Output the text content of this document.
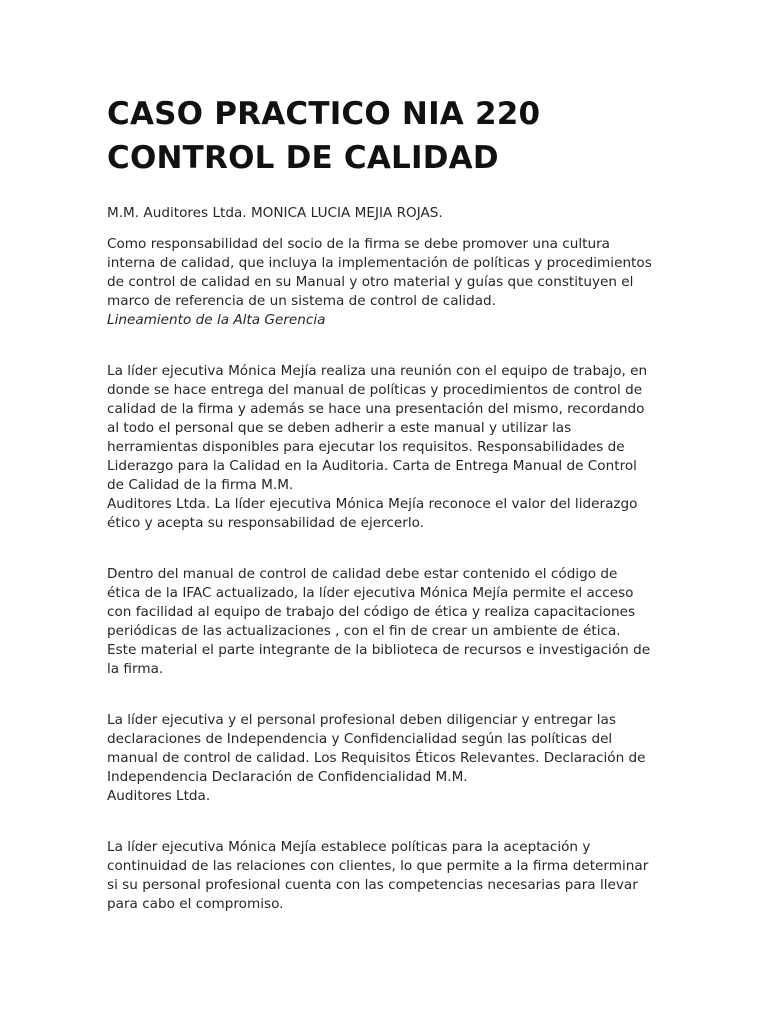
CASO PRACTICO NIA 220
CONTROL DE CALIDAD

M.M. Auditores Ltda. MONICA LUCIA MEJIA ROJAS.

Como responsabilidad del socio de la firma se debe promover una cultura
interna de calidad, que incluya la implementación de políticas y procedimientos
de control de calidad en su Manual y otro material y guías que constituyen el
marco de referencia de un sistema de control de calidad.
Lineamiento de la Alta Gerencia

La líder ejecutiva Mónica Mejía realiza una reunión con el equipo de trabajo, en
donde se hace entrega del manual de políticas y procedimientos de control de
calidad de la firma y además se hace una presentación del mismo, recordando
al todo el personal que se deben adherir a este manual y utilizar las
herramientas disponibles para ejecutar los requisitos. Responsabilidades de
Liderazgo para la Calidad en la Auditoria. Carta de Entrega Manual de Control
de Calidad de la firma M.M.
Auditores Ltda. La líder ejecutiva Mónica Mejía reconoce el valor del liderazgo
ético y acepta su responsabilidad de ejercerlo.

Dentro del manual de control de calidad debe estar contenido el código de
ética de la IFAC actualizado, la líder ejecutiva Mónica Mejía permite el acceso
con facilidad al equipo de trabajo del código de ética y realiza capacitaciones
periódicas de las actualizaciones , con el fin de crear un ambiente de ética.
Este material el parte integrante de la biblioteca de recursos e investigación de
la firma.

La líder ejecutiva y el personal profesional deben diligenciar y entregar las
declaraciones de Independencia y Confidencialidad según las políticas del
manual de control de calidad. Los Requisitos Éticos Relevantes. Declaración de
Independencia Declaración de Confidencialidad M.M.
Auditores Ltda.

La líder ejecutiva Mónica Mejía establece políticas para la aceptación y
continuidad de las relaciones con clientes, lo que permite a la firma determinar
si su personal profesional cuenta con las competencias necesarias para llevar
para cabo el compromiso.
